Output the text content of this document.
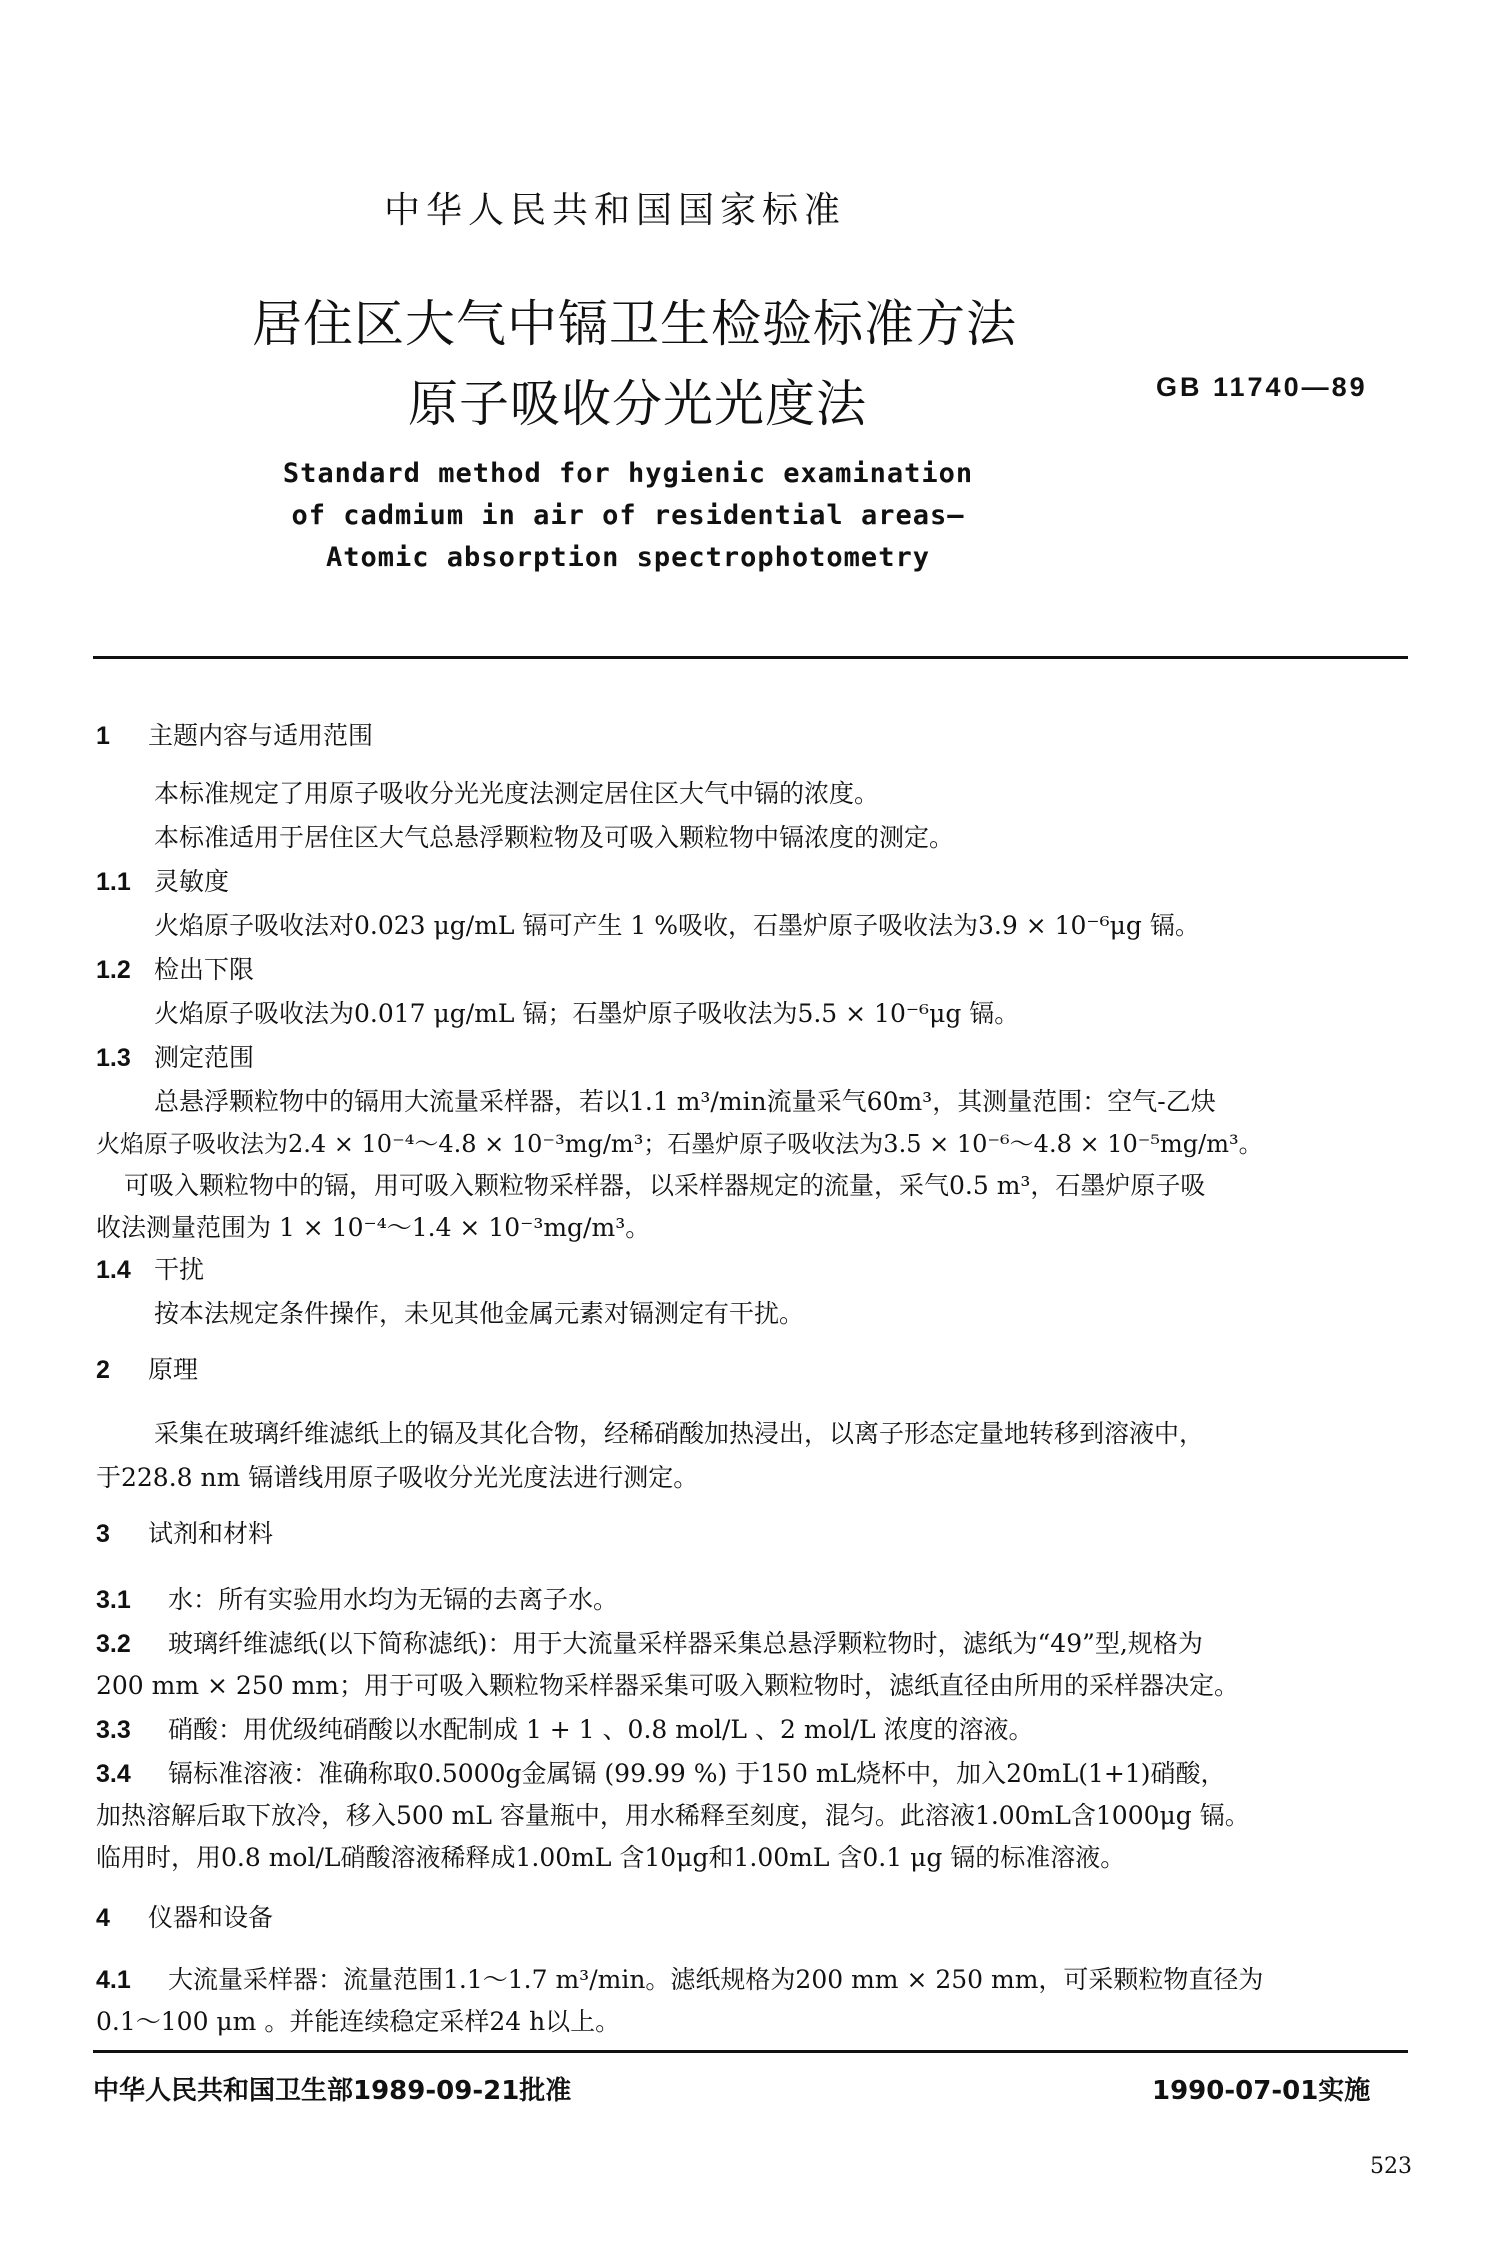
中华人民共和国国家标准
居住区大气中镉卫生检验标准方法
原子吸收分光光度法	GB 11740—89
Standard method for hygienic examination
of cadmium in air of residential areas—
Atomic absorption spectrophotometry
1 主题内容与适用范围
本标准规定了用原子吸收分光光度法测定居住区大气中镉的浓度。
本标准适用于居住区大气总悬浮颗粒物及可吸入颗粒物中镉浓度的测定。
1.1 灵敏度
火焰原子吸收法对0.023 μg/mL 镉可产生 1 %吸收，石墨炉原子吸收法为3.9 × 10⁻⁶μg 镉。
1.2 检出下限
火焰原子吸收法为0.017 μg/mL 镉；石墨炉原子吸收法为5.5 × 10⁻⁶μg 镉。
1.3 测定范围
总悬浮颗粒物中的镉用大流量采样器，若以1.1 m³/min流量采气60m³，其测量范围：空气-乙炔
火焰原子吸收法为2.4 × 10⁻⁴～4.8 × 10⁻³mg/m³；石墨炉原子吸收法为3.5 × 10⁻⁶～4.8 × 10⁻⁵mg/m³。
可吸入颗粒物中的镉，用可吸入颗粒物采样器，以采样器规定的流量，采气0.5 m³，石墨炉原子吸
收法测量范围为 1 × 10⁻⁴～1.4 × 10⁻³mg/m³。
1.4 干扰
按本法规定条件操作，未见其他金属元素对镉测定有干扰。
2 原理
采集在玻璃纤维滤纸上的镉及其化合物，经稀硝酸加热浸出，以离子形态定量地转移到溶液中，
于228.8 nm 镉谱线用原子吸收分光光度法进行测定。
3 试剂和材料
3.1 水：所有实验用水均为无镉的去离子水。
3.2 玻璃纤维滤纸(以下简称滤纸)：用于大流量采样器采集总悬浮颗粒物时，滤纸为“49”型,规格为
200 mm × 250 mm；用于可吸入颗粒物采样器采集可吸入颗粒物时，滤纸直径由所用的采样器决定。
3.3 硝酸：用优级纯硝酸以水配制成 1 + 1 、0.8 mol/L 、2 mol/L 浓度的溶液。
3.4 镉标准溶液：准确称取0.5000g金属镉 (99.99 %) 于150 mL烧杯中，加入20mL(1+1)硝酸，
加热溶解后取下放冷，移入500 mL 容量瓶中，用水稀释至刻度，混匀。此溶液1.00mL含1000μg 镉。
临用时，用0.8 mol/L硝酸溶液稀释成1.00mL 含10μg和1.00mL 含0.1 μg 镉的标准溶液。
4 仪器和设备
4.1 大流量采样器：流量范围1.1～1.7 m³/min。滤纸规格为200 mm × 250 mm，可采颗粒物直径为
0.1～100 μm 。并能连续稳定采样24 h以上。
中华人民共和国卫生部1989-09-21批准	1990-07-01实施
523
